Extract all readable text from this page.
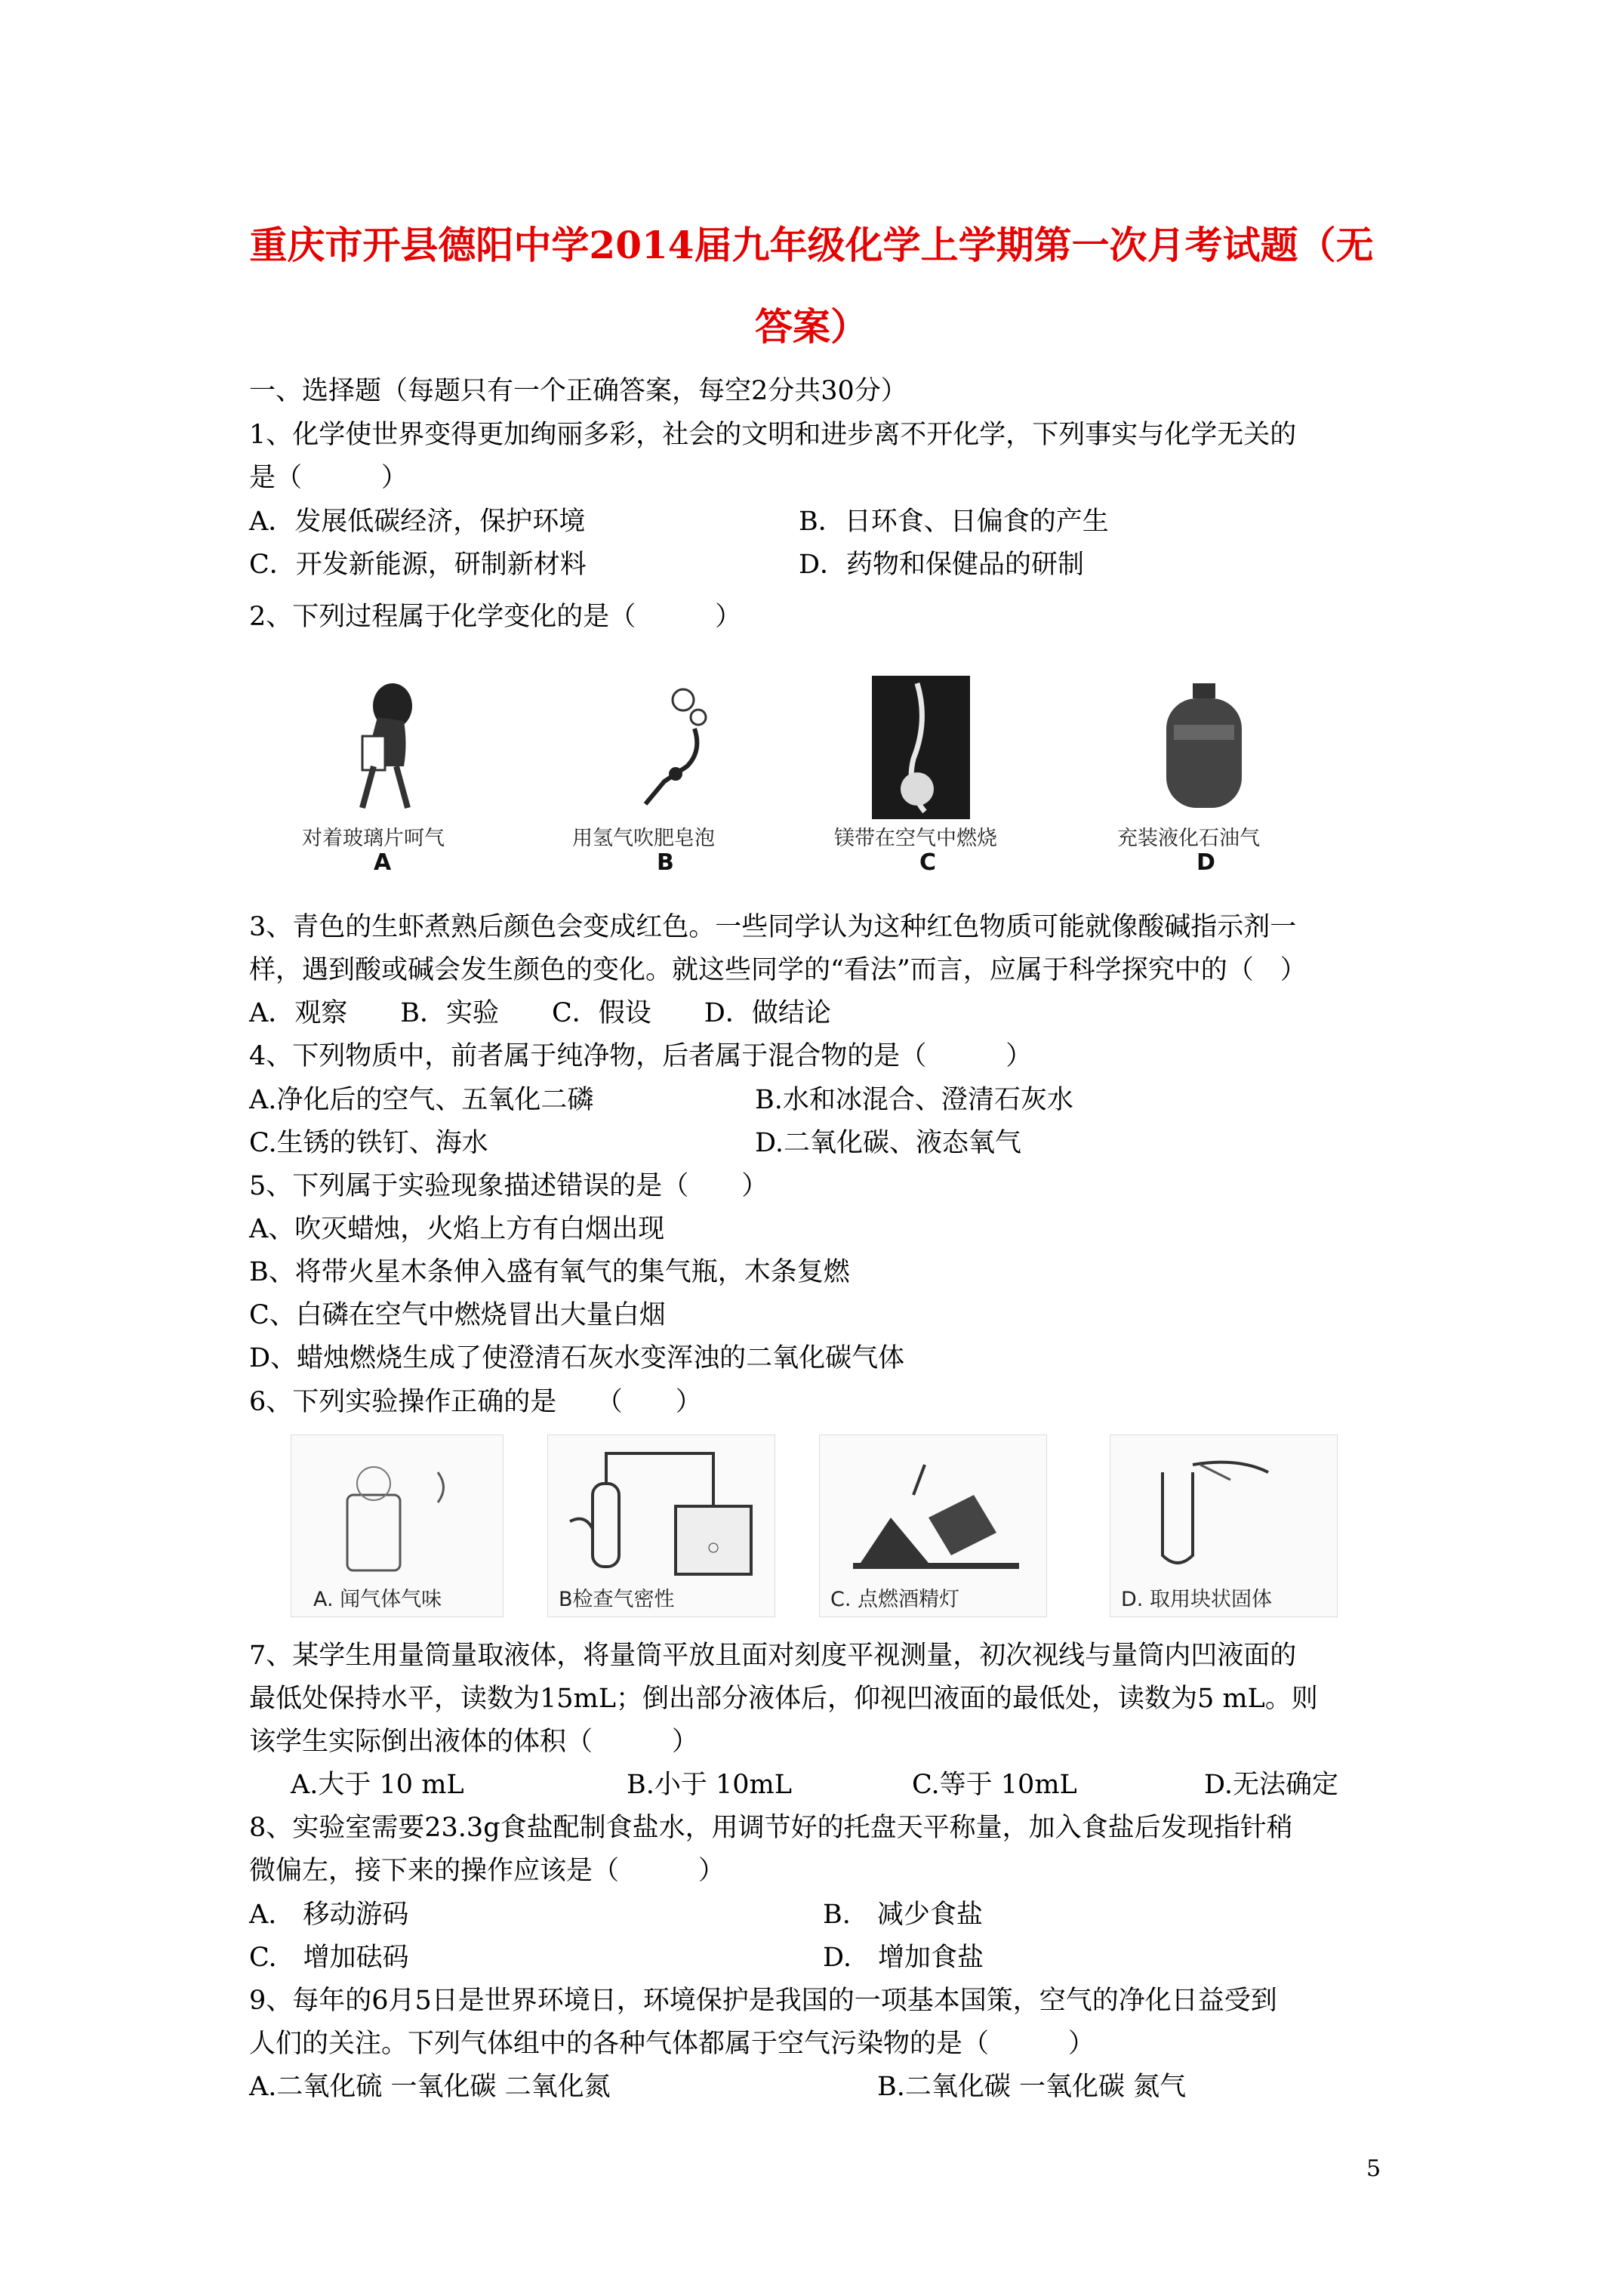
重庆市开县德阳中学2014届九年级化学上学期第一次月考试题（无
答案）
一、选择题（每题只有一个正确答案，每空2分共30分）
1、化学使世界变得更加绚丽多彩，社会的文明和进步离不开化学，下列事实与化学无关的
是（　　　）
A．发展低碳经济，保护环境	B．日环食、日偏食的产生
C．开发新能源，研制新材料	D．药物和保健品的研制
2、下列过程属于化学变化的是（　　　）
对着玻璃片呵气	用氢气吹肥皂泡	镁带在空气中燃烧	充装液化石油气
A	B	C	D
3、青色的生虾煮熟后颜色会变成红色。一些同学认为这种红色物质可能就像酸碱指示剂一
样，遇到酸或碱会发生颜色的变化。就这些同学的“看法”而言，应属于科学探究中的（　）
A．观察　　B．实验　　C．假设　　D．做结论
4、下列物质中，前者属于纯净物，后者属于混合物的是（　　　）
A.净化后的空气、五氧化二磷	B.水和冰混合、澄清石灰水
C.生锈的铁钉、海水	D.二氧化碳、液态氧气
5、下列属于实验现象描述错误的是（　　）
A、吹灭蜡烛，火焰上方有白烟出现
B、将带火星木条伸入盛有氧气的集气瓶，木条复燃
C、白磷在空气中燃烧冒出大量白烟
D、蜡烛燃烧生成了使澄清石灰水变浑浊的二氧化碳气体
6、下列实验操作正确的是　　（　　）
A. 闻气体气味	B检查气密性	C. 点燃酒精灯	D. 取用块状固体
7、某学生用量筒量取液体，将量筒平放且面对刻度平视测量，初次视线与量筒内凹液面的
最低处保持水平，读数为15mL；倒出部分液体后，仰视凹液面的最低处，读数为5 mL。则
该学生实际倒出液体的体积（　　　）
A.大于 10 mL	B.小于 10mL	C.等于 10mL	D.无法确定
8、实验室需要23.3g食盐配制食盐水，用调节好的托盘天平称量，加入食盐后发现指针稍
微偏左，接下来的操作应该是（　　　）
A.　移动游码	B.　减少食盐
C.　增加砝码	D.　增加食盐
9、每年的6月5日是世界环境日，环境保护是我国的一项基本国策，空气的净化日益受到
人们的关注。下列气体组中的各种气体都属于空气污染物的是（　　　）
A.二氧化硫 一氧化碳 二氧化氮	B.二氧化碳 一氧化碳 氮气
5
